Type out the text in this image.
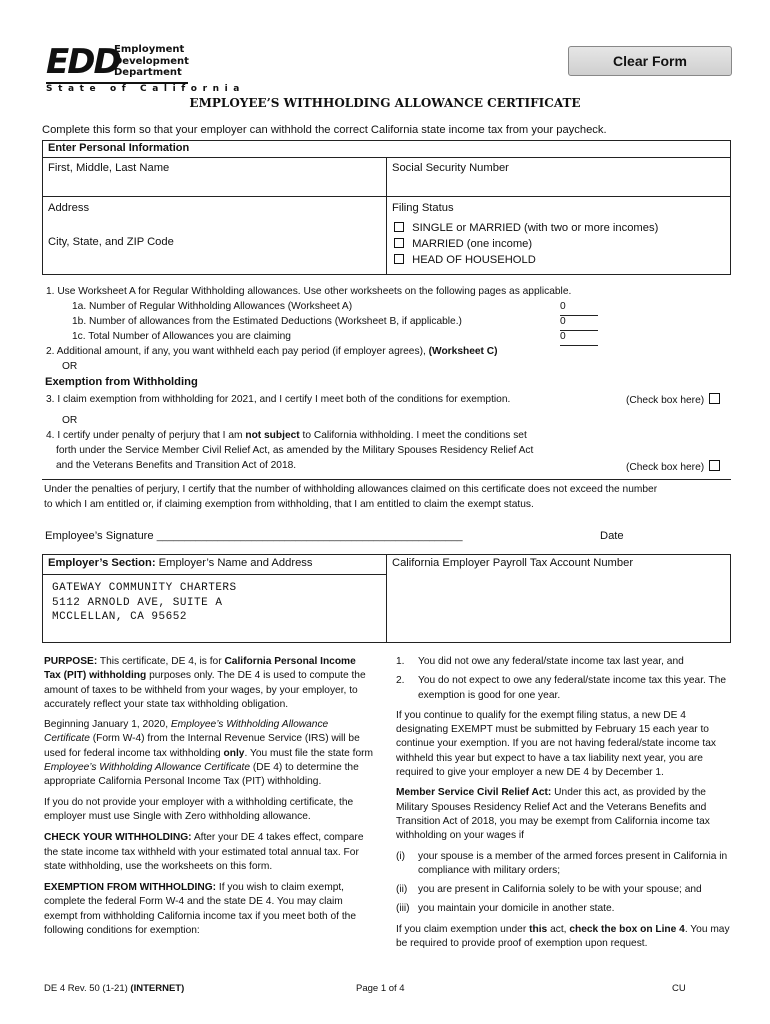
EDD
Employment
Development
Department
State of California
Clear Form
EMPLOYEE’S WITHHOLDING ALLOWANCE CERTIFICATE
Complete this form so that your employer can withhold the correct California state income tax from your paycheck.
Enter Personal Information
First, Middle, Last Name	Social Security Number
Address
City, State, and ZIP Code
Filing Status
SINGLE or MARRIED (with two or more incomes)
MARRIED (one income)
HEAD OF HOUSEHOLD
1. Use Worksheet A for Regular Withholding allowances. Use other worksheets on the following pages as applicable.
1a. Number of Regular Withholding Allowances (Worksheet A)	0
1b. Number of allowances from the Estimated Deductions (Worksheet B, if applicable.)	0
1c. Total Number of Allowances you are claiming	0
2. Additional amount, if any, you want withheld each pay period (if employer agrees), (Worksheet C)
OR
Exemption from Withholding
3. I claim exemption from withholding for 2021, and I certify I meet both of the conditions for exemption.	(Check box here)
OR
4. I certify under penalty of perjury that I am not subject to California withholding. I meet the conditions set
forth under the Service Member Civil Relief Act, as amended by the Military Spouses Residency Relief Act
and the Veterans Benefits and Transition Act of 2018.	(Check box here)
Under the penalties of perjury, I certify that the number of withholding allowances claimed on this certificate does not exceed the number
to which I am entitled or, if claiming exemption from withholding, that I am entitled to claim the exempt status.
Employee’s Signature _______________________________________________________	Date
Employer’s Section: Employer’s Name and Address	California Employer Payroll Tax Account Number
GATEWAY COMMUNITY CHARTERS
5112 ARNOLD AVE, SUITE A
MCCLELLAN, CA 95652

PURPOSE: This certificate, DE 4, is for California Personal Income Tax (PIT) withholding purposes only. The DE 4 is used to compute the amount of taxes to be withheld from your wages, by your employer, to accurately reflect your state tax withholding obligation.

Beginning January 1, 2020, Employee’s Withholding Allowance Certificate (Form W-4) from the Internal Revenue Service (IRS) will be used for federal income tax withholding only. You must file the state form Employee’s Withholding Allowance Certificate (DE 4) to determine the appropriate California Personal Income Tax (PIT) withholding.

If you do not provide your employer with a withholding certificate, the employer must use Single with Zero withholding allowance.

CHECK YOUR WITHHOLDING: After your DE 4 takes effect, compare the state income tax withheld with your estimated total annual tax. For state withholding, use the worksheets on this form.

EXEMPTION FROM WITHHOLDING: If you wish to claim exempt, complete the federal Form W-4 and the state DE 4. You may claim exempt from withholding California income tax if you meet both of the following conditions for exemption:

1.	You did not owe any federal/state income tax last year, and
2.	You do not expect to owe any federal/state income tax this year. The exemption is good for one year.

If you continue to qualify for the exempt filing status, a new DE 4 designating EXEMPT must be submitted by February 15 each year to continue your exemption. If you are not having federal/state income tax withheld this year but expect to have a tax liability next year, you are required to give your employer a new DE 4 by December 1.

Member Service Civil Relief Act: Under this act, as provided by the Military Spouses Residency Relief Act and the Veterans Benefits and Transition Act of 2018, you may be exempt from California income tax withholding on your wages if

(i)	your spouse is a member of the armed forces present in California in compliance with military orders;
(ii)	you are present in California solely to be with your spouse; and
(iii) you maintain your domicile in another state.

If you claim exemption under this act, check the box on Line 4. You may be required to provide proof of exemption upon request.

DE 4 Rev. 50 (1-21) (INTERNET)	Page 1 of 4	CU
